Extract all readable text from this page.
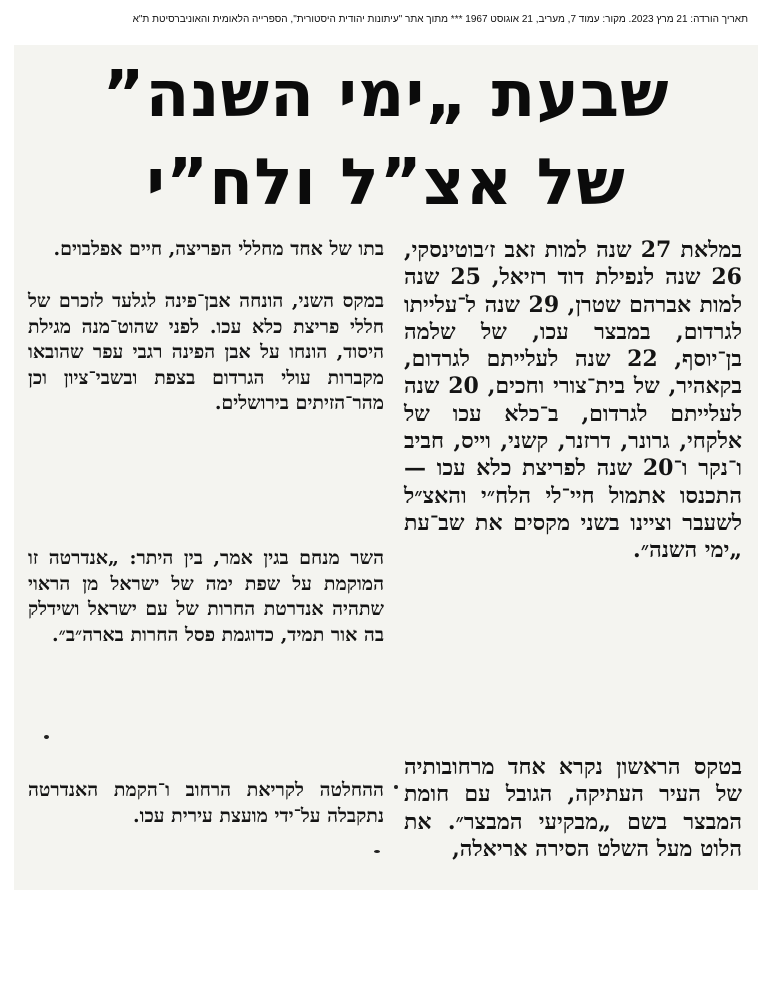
תאריך הורדה: 21 מרץ 2023. מקור: עמוד 7, מעריב, 21 אוגוסט 1967 *** מתוך אתר "עיתונות יהודית היסטורית", הספרייה הלאומית והאוניברסיטת ת"א
שבעת „ימי השנה”
של אצ”ל ולח”י

במלאת 27 שנה למות זאב ז׳בוטינסקי, 26 שנה לנפילת דוד רזיאל, 25 שנה למות אברהם שטרן, 29 שנה ל־עלייתו לגרדום, במבצר עכו, של שלמה בן־יוסף, 22 שנה לעלייתם לגרדום, בקאהיר, של בית־צורי וחכים, 20 שנה לעלייתם לגרדום, ב־כלא עכו של אלקחי, גרונר, דרזנר, קשני, וייס, חביב ו־נקר ו־20 שנה לפריצת כלא עכו — התכנסו אתמול חיי־לי הלח״י והאצ״ל לשעבר וציינו בשני מקסים את שב־עת „ימי השנה״.

בטקס הראשון נקרא אחד מרחובותיה של העיר העתיקה, הגובל עם חומת המבצר בשם „מבקיעי המבצר״. את הלוט מעל השלט הסירה אריאלה,

בתו של אחד מחללי הפריצה, חיים אפלבוים.

במקס השני, הונחה אבן־פינה לגלעד לזכרם של חללי פריצת כלא עכו. לפני שהוט־מנה מגילת היסוד, הונחו על אבן הפינה רגבי עפר שהובאו מקברות עולי הגרדום בצפת ובשבי־ציון וכן מהר־הזיתים בירושלים.

השר מנחם בגין אמר, בין היתר: „אנדרטה זו המוקמת על שפת ימה של ישראל מן הראוי שתהיה אנדרטת החרות של עם ישראל ושידלק בה אור תמיד, כדוגמת פסל החרות בארה״ב״.

ההחלטה לקריאת הרחוב ו־הקמת האנדרטה נתקבלה על־ידי מועצת עירית עכו.
